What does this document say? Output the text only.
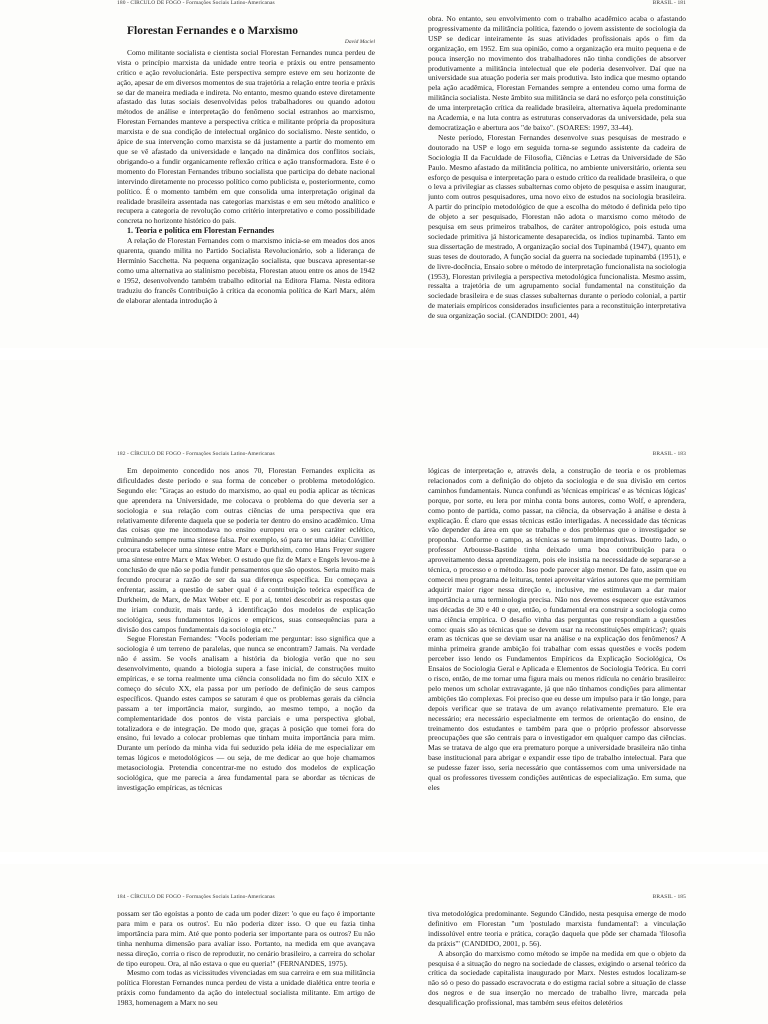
180 - CÍRCULO DE FOGO - Formações Sociais Latino-Americanas

Florestan Fernandes e o Marxismo

David Maciel

Como militante socialista e cientista social Florestan Fernandes nunca perdeu de vista o princípio marxista da unidade entre teoria e práxis ou entre pensamento crítico e ação revolucionária. Este perspectiva sempre esteve em seu horizonte de ação, apesar de em diversos momentos de sua trajetória a relação entre teoria e práxis se dar de maneira mediada e indireta. No entanto, mesmo quando esteve diretamente afastado das lutas sociais desenvolvidas pelos trabalhadores ou quando adotou métodos de análise e interpretação do fenômeno social estranhos ao marxismo, Florestan Fernandes manteve a perspectiva crítica e militante própria da propositura marxista e de sua condição de intelectual orgânico do socialismo. Neste sentido, o ápice de sua intervenção como marxista se dá justamente a partir do momento em que se vê afastado da universidade e lançado na dinâmica dos conflitos sociais, obrigando-o a fundir organicamente reflexão crítica e ação transformadora. Este é o momento do Florestan Fernandes tribuno socialista que participa do debate nacional intervindo diretamente no processo político como publicista e, posteriormente, como político. É o momento também em que consolida uma interpretação original da realidade brasileira assentada nas categorias marxistas e em seu método analítico e recupera a categoria de revolução como critério interpretativo e como possibilidade concreta no horizonte histórico do país.

1. Teoria e política em Florestan Fernandes

A relação de Florestan Fernandes com o marxismo inicia-se em meados dos anos quarenta, quando milita no Partido Socialista Revolucionário, sob a liderança de Hermínio Sacchetta. Na pequena organização socialista, que buscava apresentar-se como uma alternativa ao stalinismo pecebista, Florestan atuou entre os anos de 1942 e 1952, desenvolvendo também trabalho editorial na Editora Flama. Nesta editora traduziu do francês Contribuição à crítica da economia política de Karl Marx, além de elaborar alentada introdução à

BRASIL - 181

obra. No entanto, seu envolvimento com o trabalho acadêmico acaba o afastando progressivamente da militância política, fazendo o jovem assistente de sociologia da USP se dedicar inteiramente às suas atividades profissionais após o fim da organização, em 1952. Em sua opinião, como a organização era muito pequena e de pouca inserção no movimento dos trabalhadores não tinha condições de absorver produtivamente a militância intelectual que ele poderia desenvolver. Daí que na universidade sua atuação poderia ser mais produtiva. Isto indica que mesmo optando pela ação acadêmica, Florestan Fernandes sempre a entendeu como uma forma de militância socialista. Neste âmbito sua militância se dará no esforço pela constituição de uma interpretação crítica da realidade brasileira, alternativa àquela predominante na Academia, e na luta contra as estruturas conservadoras da universidade, pela sua democratização e abertura aos "de baixo". (SOARES: 1997, 33-44).

Neste período, Florestan Fernandes desenvolve suas pesquisas de mestrado e doutorado na USP e logo em seguida torna-se segundo assistente da cadeira de Sociologia II da Faculdade de Filosofia, Ciências e Letras da Universidade de São Paulo. Mesmo afastado da militância política, no ambiente universitário, orienta seu esforço de pesquisa e interpretação para o estudo crítico da realidade brasileira, o que o leva a privilegiar as classes subalternas como objeto de pesquisa e assim inaugurar, junto com outros pesquisadores, uma novo eixo de estudos na sociologia brasileira. A partir do princípio metodológico de que a escolha do método é definida pelo tipo de objeto a ser pesquisado, Florestan não adota o marxismo como método de pesquisa em seus primeiros trabalhos, de caráter antropológico, pois estuda uma sociedade primitiva já historicamente desaparecida, os índios tupinambá. Tanto em sua dissertação de mestrado, A organização social dos Tupinambá (1947), quanto em suas teses de doutorado, A função social da guerra na sociedade tupinambá (1951), e de livre-docência, Ensaio sobre o método de interpretação funcionalista na sociologia (1953), Florestan privilegia a perspectiva metodológica funcionalista. Mesmo assim, ressalta a trajetória de um agrupamento social fundamental na constituição da sociedade brasileira e de suas classes subalternas durante o período colonial, a partir de materiais empíricos considerados insuficientes para a reconstituição interpretativa de sua organização social. (CANDIDO: 2001, 44)

182 - CÍRCULO DE FOGO - Formações Sociais Latino-Americanas

Em depoimento concedido nos anos 70, Florestan Fernandes explicita as dificuldades deste período e sua forma de conceber o problema metodológico. Segundo ele: "Graças ao estudo do marxismo, ao qual eu podia aplicar as técnicas que aprendera na Universidade, me colocava o problema do que deveria ser a sociologia e sua relação com outras ciências de uma perspectiva que era relativamente diferente daquela que se poderia ter dentro do ensino acadêmico. Uma das coisas que me incomodava no ensino europeu era o seu caráter eclético, culminando sempre numa síntese falsa. Por exemplo, só para ter uma idéia: Cuvillier procura estabelecer uma síntese entre Marx e Durkheim, como Hans Freyer sugere uma síntese entre Marx e Max Weber. O estudo que fiz de Marx e Engels levou-me à conclusão de que não se podia fundir pensamentos que são opostos. Seria muito mais fecundo procurar a razão de ser da sua diferença específica. Eu começava a enfrentar, assim, a questão de saber qual é a contribuição teórica específica de Durkheim, de Marx, de Max Weber etc. E por aí, tentei descobrir as respostas que me iriam conduzir, mais tarde, à identificação dos modelos de explicação sociológica, seus fundamentos lógicos e empíricos, suas consequências para a divisão dos campos fundamentais da sociologia etc."

Segue Florestan Fernandes: "Vocês poderiam me perguntar: isso significa que a sociologia é um terreno de paralelas, que nunca se encontram? Jamais. Na verdade não é assim. Se vocês analisam a história da biologia verão que no seu desenvolvimento, quando a biologia supera a fase inicial, de construções muito empíricas, e se torna realmente uma ciência consolidada no fim do século XIX e começo do século XX, ela passa por um período de definição de seus campos específicos. Quando estes campos se saturam é que os problemas gerais da ciência passam a ter importância maior, surgindo, ao mesmo tempo, a noção da complementaridade dos pontos de vista parciais e uma perspectiva global, totalizadora e de integração. De modo que, graças à posição que tomei fora do ensino, fui levado a colocar problemas que tinham muita importância para mim. Durante um período da minha vida fui seduzido pela idéia de me especializar em temas lógicos e metodológicos — ou seja, de me dedicar ao que hoje chamamos metasociologia. Pretendia concentrar-me no estudo dos modelos de explicação sociológica, que me parecia a área fundamental para se abordar as técnicas de investigação empíricas, as técnicas

BRASIL - 183

lógicas de interpretação e, através dela, a construção de teoria e os problemas relacionados com a definição do objeto da sociologia e de sua divisão em certos caminhos fundamentais. Nunca confundi as 'técnicas empíricas' e as 'técnicas lógicas' porque, por sorte, eu lera por minha conta bons autores, como Wolf, e aprendera, como ponto de partida, como passar, na ciência, da observação à análise e desta à explicação. É claro que essas técnicas estão interligadas. A necessidade das técnicas vão depender da área em que se trabalhe e dos problemas que o investigador se proponha. Conforme o campo, as técnicas se tornam improdutivas. Doutro lado, o professor Arbousse-Bastide tinha deixado uma boa contribuição para o aproveitamento dessa aprendizagem, pois ele insistia na necessidade de separar-se a técnica, o processo e o método. Isso pode parecer algo menor. De fato, assim que eu comecei meu programa de leituras, tentei aproveitar vários autores que me permitiam adquirir maior rigor nessa direção e, inclusive, me estimulavam a dar maior importância a uma terminologia precisa. Não nos devemos esquecer que estávamos nas décadas de 30 e 40 e que, então, o fundamental era construir a sociologia como uma ciência empírica. O desafio vinha das perguntas que respondiam a questões como: quais são as técnicas que se devem usar na reconstituições empíricas?; quais eram as técnicas que se deviam usar na análise e na explicação dos fenômenos? A minha primeira grande ambição foi trabalhar com essas questões e vocês podem perceber isso lendo os Fundamentos Empíricos da Explicação Sociológica, Os Ensaios de Sociologia Geral e Aplicada e Elementos de Sociologia Teórica. Eu corri o risco, então, de me tornar uma figura mais ou menos ridícula no cenário brasileiro: pelo menos um scholar extravagante, já que não tínhamos condições para alimentar ambições tão complexas. Foi preciso que eu desse um impulso para ir tão longe, para depois verificar que se tratava de um avanço relativamente prematuro. Ele era necessário; era necessário especialmente em termos de orientação do ensino, de treinamento dos estudantes e também para que o próprio professor absorvesse preocupações que são centrais para o investigador em qualquer campo das ciências. Mas se tratava de algo que era prematuro porque a universidade brasileira não tinha base institucional para abrigar e expandir esse tipo de trabalho intelectual. Para que se pudesse fazer isso, seria necessário que contássemos com uma universidade na qual os professores tivessem condições autênticas de especialização. Em suma, que eles

184 - CÍRCULO DE FOGO - Formações Sociais Latino-Americanas

possam ser tão egoístas a ponto de cada um poder dizer: 'o que eu faço é importante para mim e para os outros'. Eu não poderia dizer isso. O que eu fazia tinha importância para mim. Até que ponto poderia ser importante para os outros? Eu não tinha nenhuma dimensão para avaliar isso. Portanto, na medida em que avançava nessa direção, corria o risco de reproduzir, no cenário brasileiro, a carreira do scholar de tipo europeu. Ora, al não estava o que eu queria!" (FERNANDES, 1975).

Mesmo com todas as vicissitudes vivenciadas em sua carreira e em sua militância política Florestan Fernandes nunca perdeu de vista a unidade dialética entre teoria e práxis como fundamento da ação do intelectual socialista militante. Em artigo de 1983, homenagem a Marx no seu

BRASIL - 185

tiva metodológica predominante. Segundo Cândido, nesta pesquisa emerge de modo definitivo em Florestan "um 'postulado marxista fundamental': a vinculação indissolúvel entre teoria e prática, coração daquela que pôde ser chamada 'filosofia da práxis'" (CANDIDO, 2001, p. 56).

A absorção do marxismo como método se impõe na medida em que o objeto da pesquisa é a situação do negro na sociedade de classes, exigindo o arsenal teórico da crítica da sociedade capitalista inaugurado por Marx. Nestes estudos localizam-se não só o peso do passado escravocrata e do estigma racial sobre a situação de classe dos negros e de sua inserção no mercado de trabalho livre, marcada pela desqualificação profissional, mas também seus efeitos deletérios
